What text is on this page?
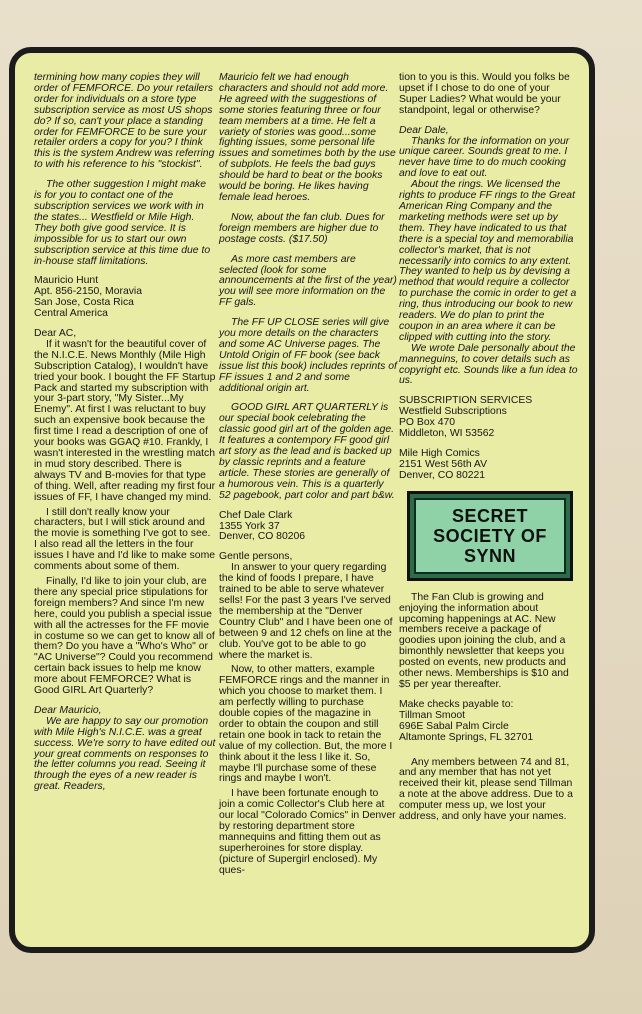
termining how many copies they will order of FEMFORCE. Do your retailers order for individuals on a store type subscription service as most US shops do? If so, can't your place a standing order for FEMFORCE to be sure your retailer orders a copy for you? I think this is the system Andrew was referring to with his reference to his "stockist".

The other suggestion I might make is for you to contact one of the subscription services we work with in the states... Westfield or Mile High. They both give good service. It is impossible for us to start our own subscription service at this time due to in-house staff limitations.

Mauricio Hunt
Apt. 856-2150, Moravia
San Jose, Costa Rica
Central America

Dear AC,

If it wasn't for the beautiful cover of the N.I.C.E. News Monthly (Mile High Subscription Catalog), I wouldn't have tried your book. I bought the FF Startup Pack and started my subscription with your 3-part story, "My Sister...My Enemy". At first I was reluctant to buy such an expensive book because the first time I read a description of one of your books was GGAQ #10. Frankly, I wasn't interested in the wrestling match in mud story described. There is always TV and B-movies for that type of thing. Well, after reading my first four issues of FF, I have changed my mind.

I still don't really know your characters, but I will stick around and the movie is something I've got to see. I also read all the letters in the four issues I have and I'd like to make some comments about some of them.

Finally, I'd like to join your club, are there any special price stipulations for foreign members? And since I'm new here, could you publish a special issue with all the actresses for the FF movie in costume so we can get to know all of them? Do you have a "Who's Who" or "AC Universe"? Could you recommend certain back issues to help me know more about FEMFORCE? What is Good GIRL Art Quarterly?

Dear Mauricio,

We are happy to say our promotion with Mile High's N.I.C.E. was a great success. We're sorry to have edited out your great comments on responses to the letter columns you read. Seeing it through the eyes of a new reader is great. Readers,

Mauricio felt we had enough characters and should not add more. He agreed with the suggestions of some stories featuring three or four team members at a time. He felt a variety of stories was good...some fighting issues, some personal life issues and sometimes both by the use of subplots. He feels the bad guys should be hard to beat or the books would be boring. He likes having female lead heroes.

Now, about the fan club. Dues for foreign members are higher due to postage costs. ($17.50)

As more cast members are selected (look for some announcements at the first of the year) you will see more information on the FF gals.

The FF UP CLOSE series will give you more details on the characters and some AC Universe pages. The Untold Origin of FF book (see back issue list this book) includes reprints of FF issues 1 and 2 and some additional origin art.

GOOD GIRL ART QUARTERLY is our special book celebrating the classic good girl art of the golden age. It features a contempory FF good girl art story as the lead and is backed up by classic reprints and a feature article. These stories are generally of a humorous vein. This is a quarterly 52 pagebook, part color and part b&w.

Chef Dale Clark
1355 York 37
Denver, CO 80206

Gentle persons,

In answer to your query regarding the kind of foods I prepare, I have trained to be able to serve whatever sells! For the past 3 years I've served the membership at the "Denver Country Club" and I have been one of between 9 and 12 chefs on line at the club. You've got to be able to go where the market is.

Now, to other matters, example FEMFORCE rings and the manner in which you choose to market them. I am perfectly willing to purchase double copies of the magazine in order to obtain the coupon and still retain one book in tack to retain the value of my collection. But, the more I think about it the less I like it. So, maybe I'll purchase some of these rings and maybe I won't.

I have been fortunate enough to join a comic Collector's Club here at our local "Colorado Comics" in Denver by restoring department store mannequins and fitting them out as superheroines for store display. (picture of Supergirl enclosed). My ques-

tion to you is this. Would you folks be upset if I chose to do one of your Super Ladies? What would be your standpoint, legal or otherwise?

Dear Dale,

Thanks for the information on your unique career. Sounds great to me. I never have time to do much cooking and love to eat out.

About the rings. We licensed the rights to produce FF rings to the Great American Ring Company and the marketing methods were set up by them. They have indicated to us that there is a special toy and memorabilia collector's market, that is not necessarily into comics to any extent. They wanted to help us by devising a method that would require a collector to purchase the comic in order to get a ring, thus introducing our book to new readers. We do plan to print the coupon in an area where it can be clipped with cutting into the story.

We wrote Dale personally about the manneguins, to cover details such as copyright etc. Sounds like a fun idea to us.

SUBSCRIPTION SERVICES
Westfield Subscriptions
PO Box 470
Middleton, WI 53562
Mile High Comics
2151 West 56th AV
Denver, CO 80221
SECRET
SOCIETY OF
SYNN

The Fan Club is growing and enjoying the information about upcoming happenings at AC. New members receive a package of goodies upon joining the club, and a bimonthly newsletter that keeps you posted on events, new products and other news. Memberships is $10 and $5 per year thereafter.

Make checks payable to:
Tillman Smoot
696E Sabal Palm Circle
Altamonte Springs, FL 32701

Any members between 74 and 81, and any member that has not yet received their kit, please send Tillman a note at the above address. Due to a computer mess up, we lost your address, and only have your names.
